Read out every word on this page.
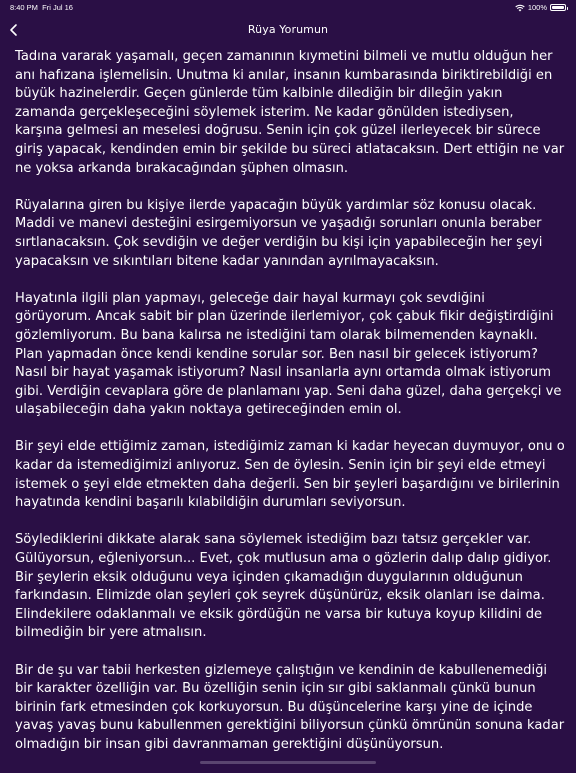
8:40 PM Fri Jul 16	100%
Rüya Yorumun

Tadına vararak yaşamalı, geçen zamanının kıymetini bilmeli ve mutlu olduğun her anı hafızana işlemelisin. Unutma ki anılar, insanın kumbarasında biriktirebildiği en büyük hazinelerdir. Geçen günlerde tüm kalbinle dilediğin bir dileğin yakın zamanda gerçekleşeceğini söylemek isterim. Ne kadar gönülden istediysen, karşına gelmesi an meselesi doğrusu. Senin için çok güzel ilerleyecek bir sürece giriş yapacak, kendinden emin bir şekilde bu süreci atlatacaksın. Dert ettiğin ne var ne yoksa arkanda bırakacağından şüphen olmasın.

Rüyalarına giren bu kişiye ilerde yapacağın büyük yardımlar söz konusu olacak. Maddi ve manevi desteğini esirgemiyorsun ve yaşadığı sorunları onunla beraber sırtlanacaksın. Çok sevdiğin ve değer verdiğin bu kişi için yapabileceğin her şeyi yapacaksın ve sıkıntıları bitene kadar yanından ayrılmayacaksın.

Hayatınla ilgili plan yapmayı, geleceğe dair hayal kurmayı çok sevdiğini görüyorum. Ancak sabit bir plan üzerinde ilerlemiyor, çok çabuk fikir değiştirdiğini gözlemliyorum. Bu bana kalırsa ne istediğini tam olarak bilmemenden kaynaklı. Plan yapmadan önce kendi kendine sorular sor. Ben nasıl bir gelecek istiyorum? Nasıl bir hayat yaşamak istiyorum? Nasıl insanlarla aynı ortamda olmak istiyorum gibi. Verdiğin cevaplara göre de planlamanı yap. Seni daha güzel, daha gerçekçi ve ulaşabileceğin daha yakın noktaya getireceğinden emin ol.

Bir şeyi elde ettiğimiz zaman, istediğimiz zaman ki kadar heyecan duymuyor, onu o kadar da istemediğimizi anlıyoruz. Sen de öylesin. Senin için bir şeyi elde etmeyi istemek o şeyi elde etmekten daha değerli. Sen bir şeyleri başardığını ve birilerinin hayatında kendini başarılı kılabildiğin durumları seviyorsun.

Söylediklerini dikkate alarak sana söylemek istediğim bazı tatsız gerçekler var. Gülüyorsun, eğleniyorsun... Evet, çok mutlusun ama o gözlerin dalıp dalıp gidiyor. Bir şeylerin eksik olduğunu veya içinden çıkamadığın duygularının olduğunun farkındasın. Elimizde olan şeyleri çok seyrek düşünürüz, eksik olanları ise daima. Elindekilere odaklanmalı ve eksik gördüğün ne varsa bir kutuya koyup kilidini de bilmediğin bir yere atmalısın.

Bir de şu var tabii herkesten gizlemeye çalıştığın ve kendinin de kabullenemediği bir karakter özelliğin var. Bu özelliğin senin için sır gibi saklanmalı çünkü bunun birinin fark etmesinden çok korkuyorsun. Bu düşüncelerine karşı yine de içinde yavaş yavaş bunu kabullenmen gerektiğini biliyorsun çünkü ömrünün sonuna kadar olmadığın bir insan gibi davranmaman gerektiğini düşünüyorsun.
